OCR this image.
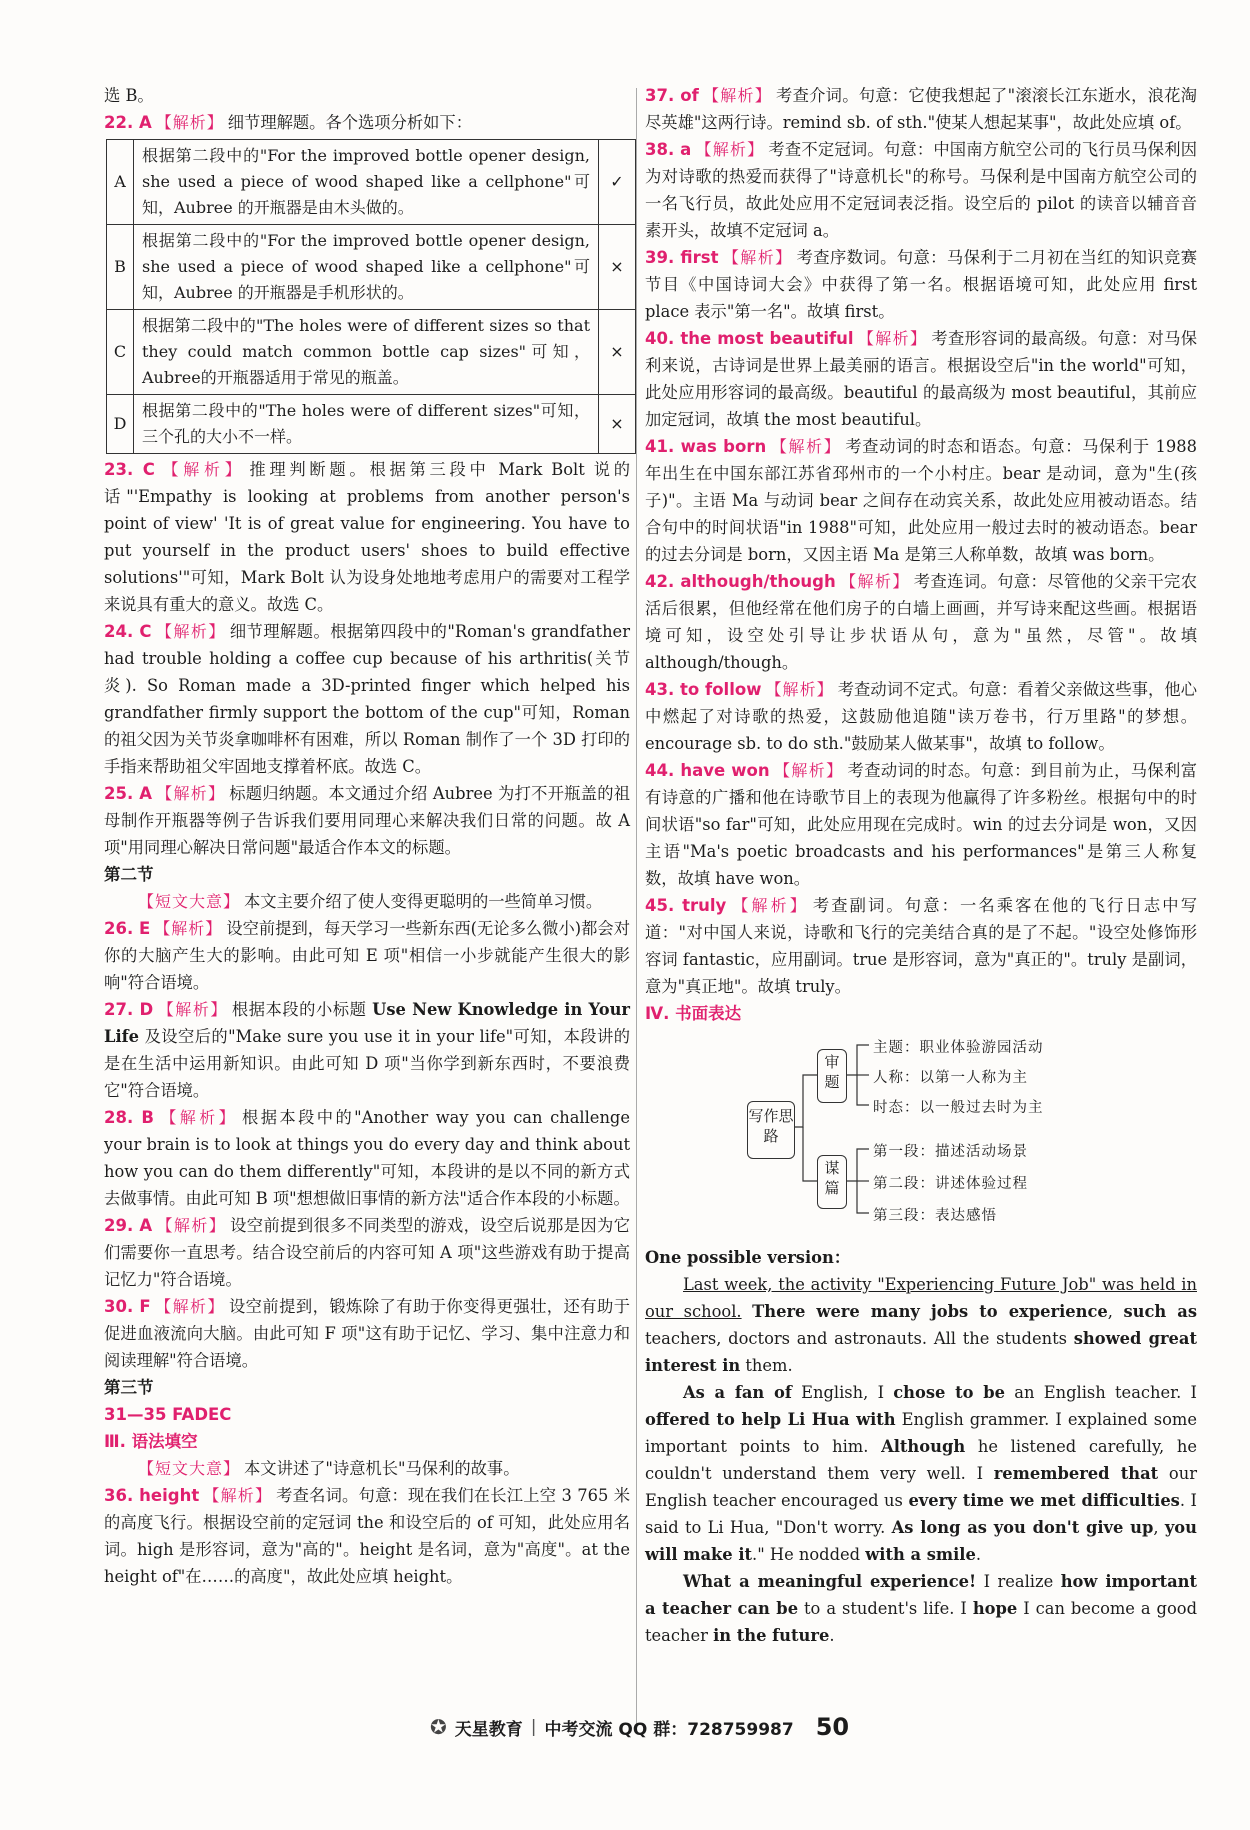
选 B。
22. A 【解析】 细节理解题。各个选项分析如下：
A	根据第二段中的"For the improved bottle opener design, she used a piece of wood shaped like a cellphone"可知，Aubree 的开瓶器是由木头做的。	✓
B	根据第二段中的"For the improved bottle opener design, she used a piece of wood shaped like a cellphone"可知，Aubree 的开瓶器是手机形状的。	×
C	根据第二段中的"The holes were of different sizes so that they could match common bottle cap sizes"可知，Aubree的开瓶器适用于常见的瓶盖。	×
D	根据第二段中的"The holes were of different sizes"可知，三个孔的大小不一样。	×
23. C 【解析】 推理判断题。根据第三段中 Mark Bolt 说的话"'Empathy is looking at problems from another person's point of view' 'It is of great value for engineering. You have to put yourself in the product users' shoes to build effective solutions'"可知，Mark Bolt 认为设身处地地考虑用户的需要对工程学来说具有重大的意义。故选 C。
24. C 【解析】 细节理解题。根据第四段中的"Roman's grandfather had trouble holding a coffee cup because of his arthritis(关节炎). So Roman made a 3D-printed finger which helped his grandfather firmly support the bottom of the cup"可知，Roman 的祖父因为关节炎拿咖啡杯有困难，所以 Roman 制作了一个 3D 打印的手指来帮助祖父牢固地支撑着杯底。故选 C。
25. A 【解析】 标题归纳题。本文通过介绍 Aubree 为打不开瓶盖的祖母制作开瓶器等例子告诉我们要用同理心来解决我们日常的问题。故 A 项"用同理心解决日常问题"最适合作本文的标题。
第二节
【短文大意】 本文主要介绍了使人变得更聪明的一些简单习惯。
26. E 【解析】 设空前提到，每天学习一些新东西(无论多么微小)都会对你的大脑产生大的影响。由此可知 E 项"相信一小步就能产生很大的影响"符合语境。
27. D 【解析】 根据本段的小标题 Use New Knowledge in Your Life 及设空后的"Make sure you use it in your life"可知，本段讲的是在生活中运用新知识。由此可知 D 项"当你学到新东西时，不要浪费它"符合语境。
28. B 【解析】 根据本段中的"Another way you can challenge your brain is to look at things you do every day and think about how you can do them differently"可知，本段讲的是以不同的新方式去做事情。由此可知 B 项"想想做旧事情的新方法"适合作本段的小标题。
29. A 【解析】 设空前提到很多不同类型的游戏，设空后说那是因为它们需要你一直思考。结合设空前后的内容可知 A 项"这些游戏有助于提高记忆力"符合语境。
30. F 【解析】 设空前提到，锻炼除了有助于你变得更强壮，还有助于促进血液流向大脑。由此可知 F 项"这有助于记忆、学习、集中注意力和阅读理解"符合语境。
第三节
31—35 FADEC
Ⅲ. 语法填空
【短文大意】 本文讲述了"诗意机长"马保利的故事。
36. height 【解析】 考查名词。句意：现在我们在长江上空 3 765 米的高度飞行。根据设空前的定冠词 the 和设空后的 of 可知，此处应用名词。high 是形容词，意为"高的"。height 是名词，意为"高度"。at the height of"在……的高度"，故此处应填 height。
37. of 【解析】 考查介词。句意：它使我想起了"滚滚长江东逝水，浪花淘尽英雄"这两行诗。remind sb. of sth."使某人想起某事"，故此处应填 of。
38. a 【解析】 考查不定冠词。句意：中国南方航空公司的飞行员马保利因为对诗歌的热爱而获得了"诗意机长"的称号。马保利是中国南方航空公司的一名飞行员，故此处应用不定冠词表泛指。设空后的 pilot 的读音以辅音音素开头，故填不定冠词 a。
39. first 【解析】 考查序数词。句意：马保利于二月初在当红的知识竞赛节目《中国诗词大会》中获得了第一名。根据语境可知，此处应用 first place 表示"第一名"。故填 first。
40. the most beautiful 【解析】 考查形容词的最高级。句意：对马保利来说，古诗词是世界上最美丽的语言。根据设空后"in the world"可知，此处应用形容词的最高级。beautiful 的最高级为 most beautiful，其前应加定冠词，故填 the most beautiful。
41. was born 【解析】 考查动词的时态和语态。句意：马保利于 1988 年出生在中国东部江苏省邳州市的一个小村庄。bear 是动词，意为"生(孩子)"。主语 Ma 与动词 bear 之间存在动宾关系，故此处应用被动语态。结合句中的时间状语"in 1988"可知，此处应用一般过去时的被动语态。bear 的过去分词是 born，又因主语 Ma 是第三人称单数，故填 was born。
42. although/though 【解析】 考查连词。句意：尽管他的父亲干完农活后很累，但他经常在他们房子的白墙上画画，并写诗来配这些画。根据语境可知，设空处引导让步状语从句，意为"虽然，尽管"。故填 although/though。
43. to follow 【解析】 考查动词不定式。句意：看着父亲做这些事，他心中燃起了对诗歌的热爱，这鼓励他追随"读万卷书，行万里路"的梦想。encourage sb. to do sth."鼓励某人做某事"，故填 to follow。
44. have won 【解析】 考查动词的时态。句意：到目前为止，马保利富有诗意的广播和他在诗歌节目上的表现为他赢得了许多粉丝。根据句中的时间状语"so far"可知，此处应用现在完成时。win 的过去分词是 won，又因主语"Ma's poetic broadcasts and his performances"是第三人称复数，故填 have won。
45. truly 【解析】 考查副词。句意：一名乘客在他的飞行日志中写道："对中国人来说，诗歌和飞行的完美结合真的是了不起。"设空处修饰形容词 fantastic，应用副词。true 是形容词，意为"真正的"。truly 是副词，意为"真正地"。故填 truly。
Ⅳ. 书面表达
写作思路
审题
谋篇
主题：职业体验游园活动
人称：以第一人称为主
时态：以一般过去时为主
第一段：描述活动场景
第二段：讲述体验过程
第三段：表达感悟
One possible version：

Last week, the activity "Experiencing Future Job" was held in our school. There were many jobs to experience, such as teachers, doctors and astronauts. All the students showed great interest in them.

As a fan of English, I chose to be an English teacher. I offered to help Li Hua with English grammer. I explained some important points to him. Although he listened carefully, he couldn't understand them very well. I remembered that our English teacher encouraged us every time we met difficulties. I said to Li Hua, "Don't worry. As long as you don't give up, you will make it." He nodded with a smile.

What a meaningful experience! I realize how important a teacher can be to a student's life. I hope I can become a good teacher in the future.

✪ 天星教育 | 中考交流 QQ 群：728759987 50
